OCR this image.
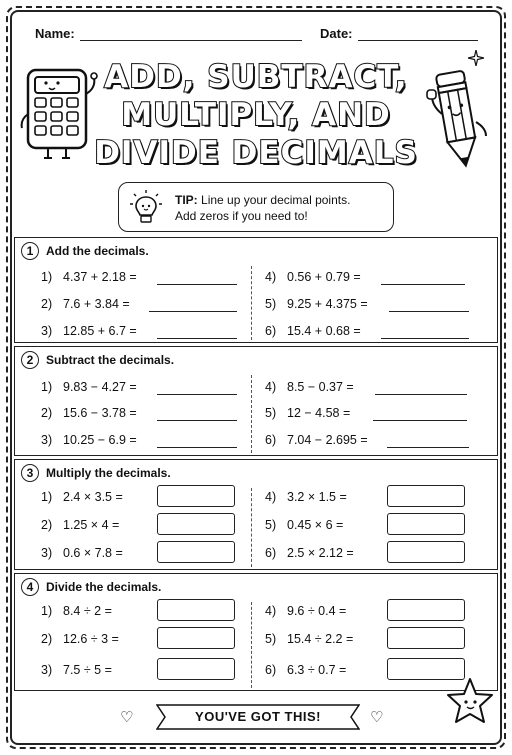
Name:	Date:
ADD, SUBTRACT,
MULTIPLY, AND
DIVIDE DECIMALS
TIP: Line up your decimal points.
Add zeros if you need to!
1	Add the decimals.
1) 4.37 + 2.18 =
2) 7.6 + 3.84 =
3) 12.85 + 6.7 =
4) 0.56 + 0.79 =
5) 9.25 + 4.375 =
6) 15.4 + 0.68 =
2	Subtract the decimals.
1) 9.83 − 4.27 =
2) 15.6 − 3.78 =
3) 10.25 − 6.9 =
4) 8.5 − 0.37 =
5) 12 − 4.58 =
6) 7.04 − 2.695 =
3	Multiply the decimals.
1) 2.4 × 3.5 =
2) 1.25 × 4 =
3) 0.6 × 7.8 =
4) 3.2 × 1.5 =
5) 0.45 × 6 =
6) 2.5 × 2.12 =
4	Divide the decimals.
1) 8.4 ÷ 2 =
2) 12.6 ÷ 3 =
3) 7.5 ÷ 5 =
4) 9.6 ÷ 0.4 =
5) 15.4 ÷ 2.2 =
6) 6.3 ÷ 0.7 =
♡	YOU'VE GOT THIS!	♡
